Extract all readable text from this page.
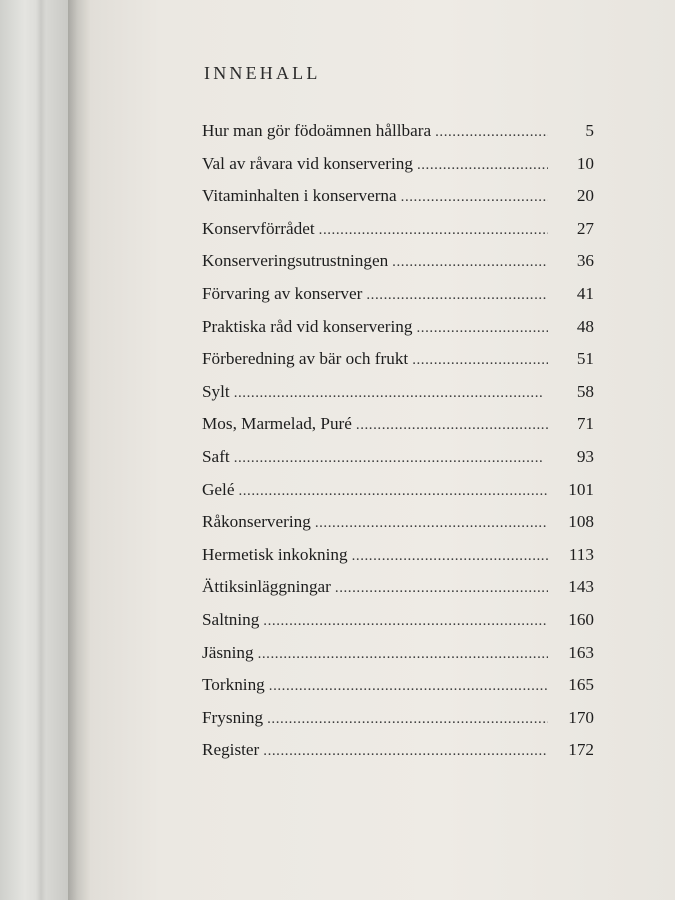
INNEHALL
Hur man gör födoämnen hållbara . . .	5
Val av råvara vid konservering . . .	10
Vitaminhalten i konserverna . . .	20
Konservförrådet . . .	27
Konserveringsutrustningen . . .	36
Förvaring av konserver . . .	41
Praktiska råd vid konservering . . .	48
Förberedning av bär och frukt . . .	51
Sylt . . .	58
Mos, Marmelad, Puré . . .	71
Saft . . .	93
Gelé . . .	101
Råkonservering . . .	108
Hermetisk inkokning . . .	113
Ättiksinläggningar . . .	143
Saltning . . .	160
Jäsning . . .	163
Torkning . . .	165
Frysning . . .	170
Register . . .	172
